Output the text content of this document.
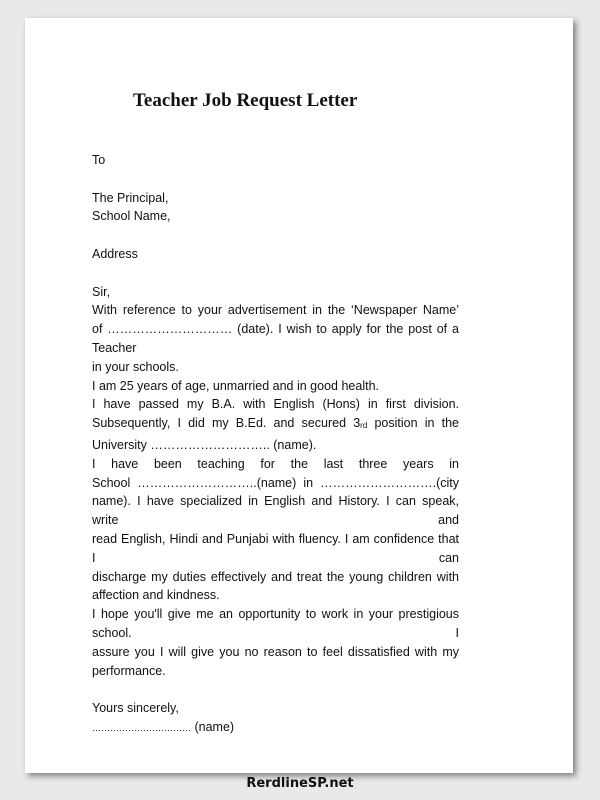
Teacher Job Request Letter
To
The Principal,
School Name,
Address
Sir,
With reference to your advertisement in the ‘Newspaper Name’
of ………………………… (date). I wish to apply for the post of a Teacher
in your schools.
I am 25 years of age, unmarried and in good health.
I have passed my B.A. with English (Hons) in first division.
Subsequently, I did my B.Ed. and secured 3rd position in the
University ……………………….. (name).
I have been teaching for the last three years in
School ………………………..(name) in ……………………….(city
name). I have specialized in English and History. I can speak, write and
read English, Hindi and Punjabi with fluency. I am confidence that I can
discharge my duties effectively and treat the young children with
affection and kindness.
I hope you'll give me an opportunity to work in your prestigious school. I
assure you I will give you no reason to feel dissatisfied with my
performance.
Yours sincerely,
…………………………… (name)
RerdlineSP.net
